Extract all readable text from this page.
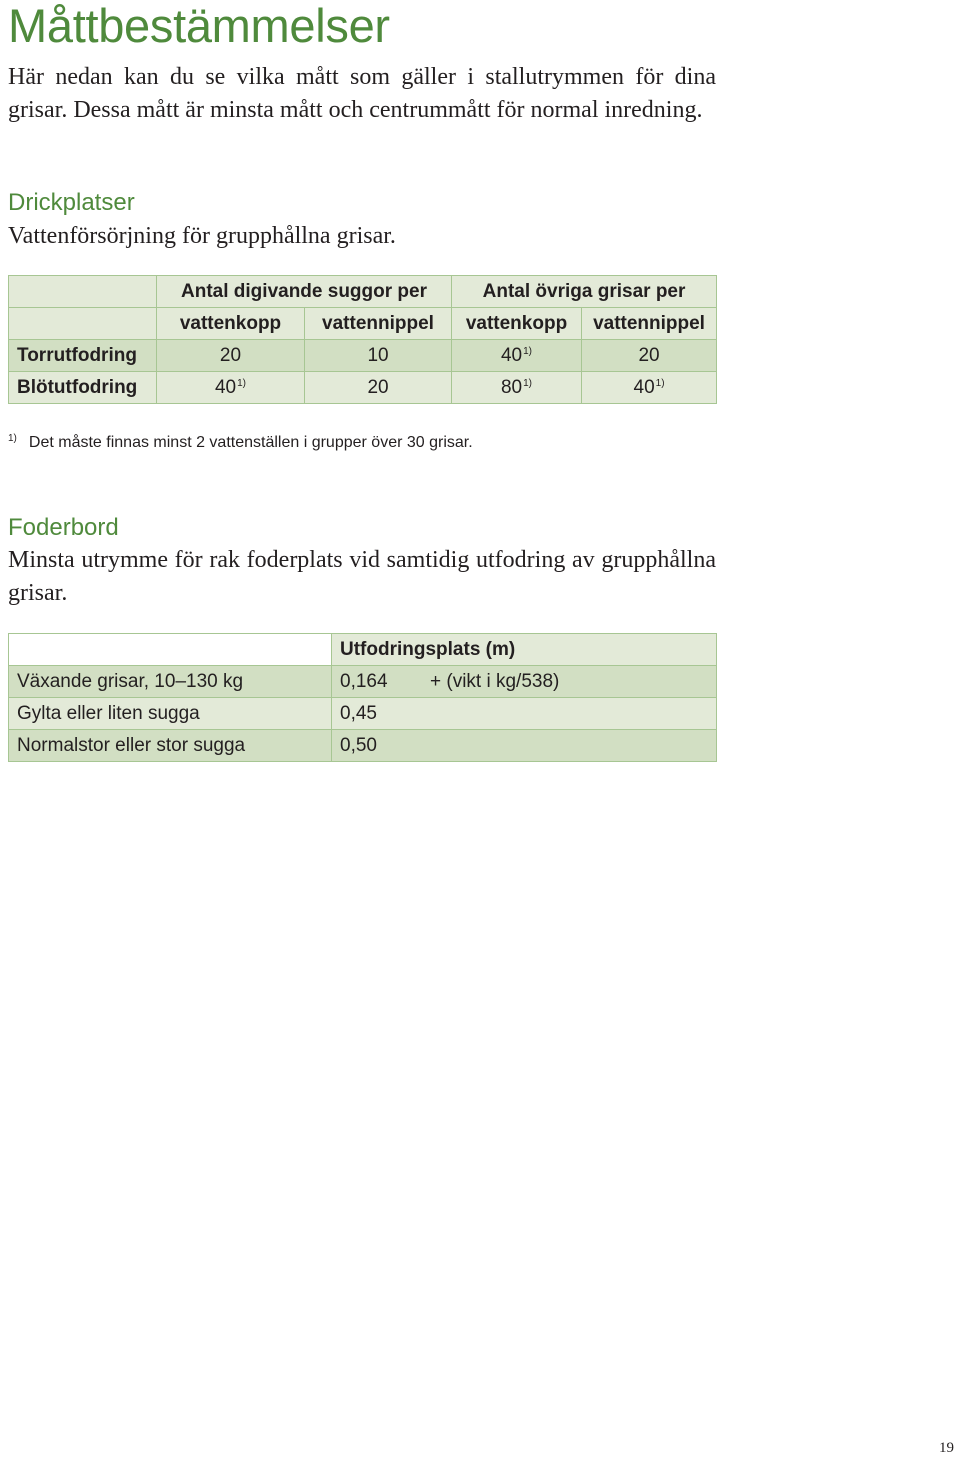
Måttbestämmelser

Här nedan kan du se vilka mått som gäller i stallutrymmen för dina grisar. Dessa mått är minsta mått och centrummått för normal inredning.

Drickplatser

Vattenförsörjning för grupphållna grisar.

	Antal digivande suggor per		Antal övriga grisar per	
	vattenkopp	vattennippel	vattenkopp	vattennippel
Torrutfodring	20	10	40$^{1)}$	20
Blötutfodring	40$^{1)}$	20	80$^{1)}$	40$^{1)}$
$^{1)}$ Det måste finnas minst 2 vattenställen i grupper över 30 grisar.
Foderbord

Minsta utrymme för rak foderplats vid samtidig utfodring av grupphållna grisar.

	Utfodringsplats (m)
Växande grisar, 10–130 kg	0,164 + (vikt i kg/538)

Gylta eller liten sugga	0,45
Normalstor eller stor sugga	0,50
19
